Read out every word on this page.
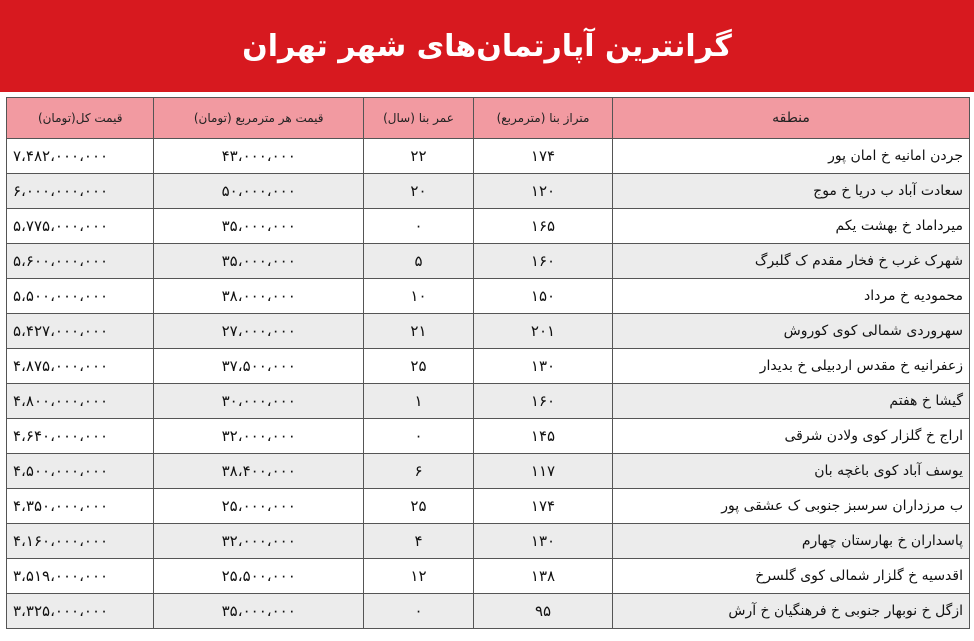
گرانترین آپارتمان‌های شهر تهران
منطقه	متراز بنا (مترمربع)	عمر بنا (سال)	قیمت هر مترمربع (تومان)	قیمت کل(تومان)
جردن امانیه خ امان پور	۱۷۴	۲۲	۴۳،۰۰۰،۰۰۰	۷،۴۸۲،۰۰۰،۰۰۰
سعادت آباد ب دریا خ موج	۱۲۰	۲۰	۵۰،۰۰۰،۰۰۰	۶،۰۰۰،۰۰۰،۰۰۰
میرداماد خ بهشت یکم	۱۶۵	۰	۳۵،۰۰۰،۰۰۰	۵،۷۷۵،۰۰۰،۰۰۰
شهرک غرب خ فخار مقدم ک گلبرگ	۱۶۰	۵	۳۵،۰۰۰،۰۰۰	۵،۶۰۰،۰۰۰،۰۰۰
محمودیه خ مرداد	۱۵۰	۱۰	۳۸،۰۰۰،۰۰۰	۵،۵۰۰،۰۰۰،۰۰۰
سهروردی شمالی کوی کوروش	۲۰۱	۲۱	۲۷،۰۰۰،۰۰۰	۵،۴۲۷،۰۰۰،۰۰۰
زعفرانیه خ مقدس اردبیلی خ بدیدار	۱۳۰	۲۵	۳۷،۵۰۰،۰۰۰	۴،۸۷۵،۰۰۰،۰۰۰
گیشا خ هفتم	۱۶۰	۱	۳۰،۰۰۰،۰۰۰	۴،۸۰۰،۰۰۰،۰۰۰
اراج خ گلزار کوی ولادن شرقی	۱۴۵	۰	۳۲،۰۰۰،۰۰۰	۴،۶۴۰،۰۰۰،۰۰۰
یوسف آباد کوی باغچه بان	۱۱۷	۶	۳۸،۴۰۰،۰۰۰	۴،۵۰۰،۰۰۰،۰۰۰
ب مرزداران سرسبز جنوبی ک عشقی پور	۱۷۴	۲۵	۲۵،۰۰۰،۰۰۰	۴،۳۵۰،۰۰۰،۰۰۰
پاسداران خ بهارستان چهارم	۱۳۰	۴	۳۲،۰۰۰،۰۰۰	۴،۱۶۰،۰۰۰،۰۰۰
اقدسیه خ گلزار شمالی کوی گلسرخ	۱۳۸	۱۲	۲۵،۵۰۰،۰۰۰	۳،۵۱۹،۰۰۰،۰۰۰
ازگل خ نوبهار جنوبی خ فرهنگیان خ آرش	۹۵	۰	۳۵،۰۰۰،۰۰۰	۳،۳۲۵،۰۰۰،۰۰۰
